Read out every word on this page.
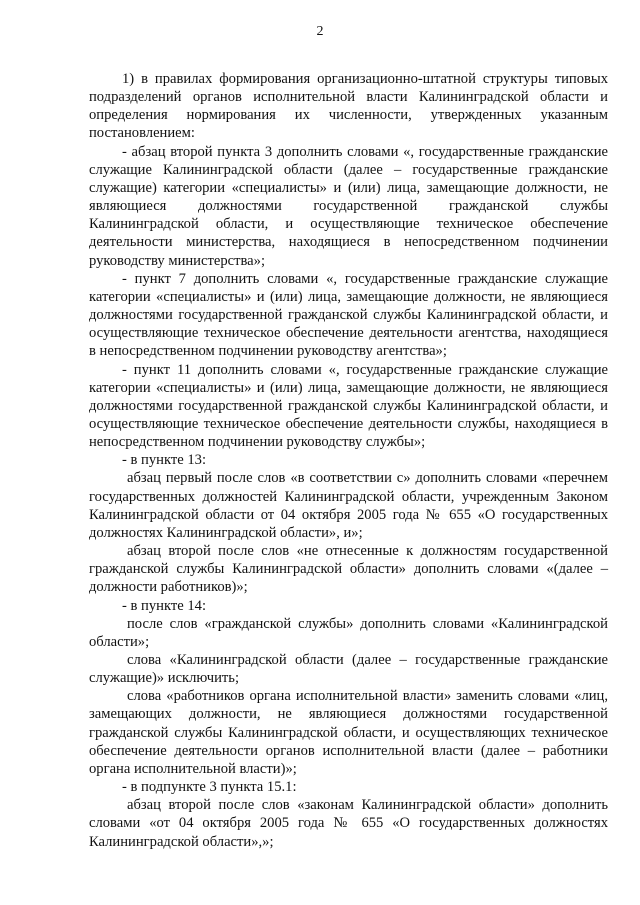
2

1) в правилах формирования организационно-штатной структуры типовых подразделений органов исполнительной власти Калининградской области и определения нормирования их численности, утвержденных указанным постановлением:

- абзац второй пункта 3 дополнить словами «, государственные гражданские служащие Калининградской области (далее – государственные гражданские служащие) категории «специалисты» и (или) лица, замещающие должности, не являющиеся должностями государственной гражданской службы Калининградской области, и осуществляющие техническое обеспечение деятельности министерства, находящиеся в непосредственном подчинении руководству министерства»;

- пункт 7 дополнить словами «, государственные гражданские служащие категории «специалисты» и (или) лица, замещающие должности, не являющиеся должностями государственной гражданской службы Калининградской области, и осуществляющие техническое обеспечение деятельности агентства, находящиеся в непосредственном подчинении руководству агентства»;

- пункт 11 дополнить словами «, государственные гражданские служащие категории «специалисты» и (или) лица, замещающие должности, не являющиеся должностями государственной гражданской службы Калининградской области, и осуществляющие техническое обеспечение деятельности службы, находящиеся в непосредственном подчинении руководству службы»;

- в пункте 13:

абзац первый после слов «в соответствии с» дополнить словами «перечнем государственных должностей Калининградской области, учрежденным Законом Калининградской области от 04 октября 2005 года № 655 «О государственных должностях Калининградской области», и»;

абзац второй после слов «не отнесенные к должностям государственной гражданской службы Калининградской области» дополнить словами «(далее – должности работников)»;

- в пункте 14:

после слов «гражданской службы» дополнить словами «Калининградской области»;

слова «Калининградской области (далее – государственные гражданские служащие)» исключить;

слова «работников органа исполнительной власти» заменить словами «лиц, замещающих должности, не являющиеся должностями государственной гражданской службы Калининградской области, и осуществляющих техническое обеспечение деятельности органов исполнительной власти (далее – работники органа исполнительной власти)»;

- в подпункте 3 пункта 15.1:

абзац второй после слов «законам Калининградской области» дополнить словами «от 04 октября 2005 года № 655 «О государственных должностях Калининградской области»,»;
